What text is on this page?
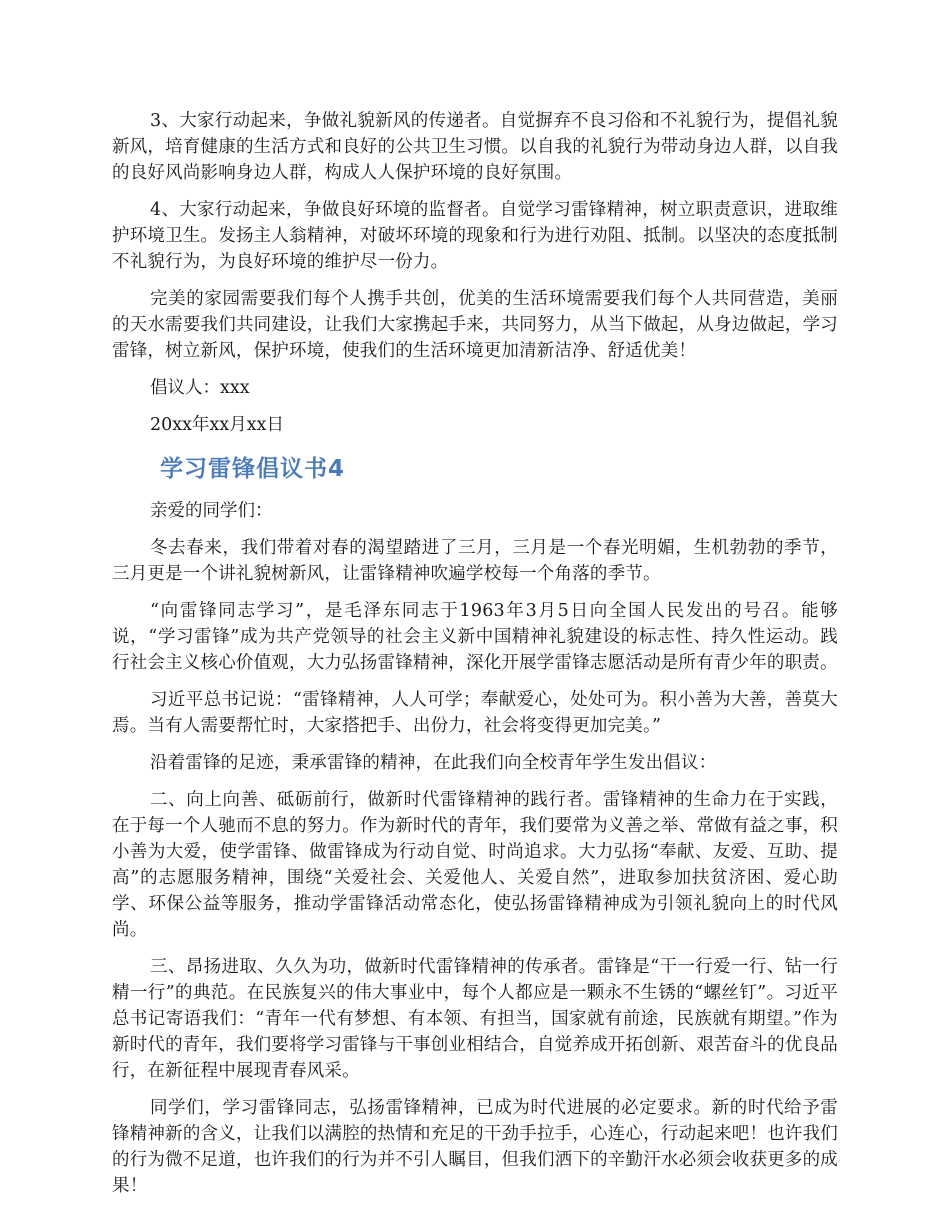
3、大家行动起来，争做礼貌新风的传递者。自觉摒弃不良习俗和不礼貌行为，提倡礼貌新风，培育健康的生活方式和良好的公共卫生习惯。以自我的礼貌行为带动身边人群，以自我的良好风尚影响身边人群，构成人人保护环境的良好氛围。

4、大家行动起来，争做良好环境的监督者。自觉学习雷锋精神，树立职责意识，进取维护环境卫生。发扬主人翁精神，对破坏环境的现象和行为进行劝阻、抵制。以坚决的态度抵制不礼貌行为，为良好环境的维护尽一份力。

完美的家园需要我们每个人携手共创，优美的生活环境需要我们每个人共同营造，美丽的天水需要我们共同建设，让我们大家携起手来，共同努力，从当下做起，从身边做起，学习雷锋，树立新风，保护环境，使我们的生活环境更加清新洁净、舒适优美！

倡议人：xxx

20xx年xx月xx日

学习雷锋倡议书4

亲爱的同学们：

冬去春来，我们带着对春的渴望踏进了三月，三月是一个春光明媚，生机勃勃的季节，三月更是一个讲礼貌树新风，让雷锋精神吹遍学校每一个角落的季节。

“向雷锋同志学习”，是毛泽东同志于1963年3月5日向全国人民发出的号召。能够说，“学习雷锋”成为共产党领导的社会主义新中国精神礼貌建设的标志性、持久性运动。践行社会主义核心价值观，大力弘扬雷锋精神，深化开展学雷锋志愿活动是所有青少年的职责。

习近平总书记说：“雷锋精神，人人可学；奉献爱心，处处可为。积小善为大善，善莫大焉。当有人需要帮忙时，大家搭把手、出份力，社会将变得更加完美。”

沿着雷锋的足迹，秉承雷锋的精神，在此我们向全校青年学生发出倡议：

二、向上向善、砥砺前行，做新时代雷锋精神的践行者。雷锋精神的生命力在于实践，在于每一个人驰而不息的努力。作为新时代的青年，我们要常为义善之举、常做有益之事，积小善为大爱，使学雷锋、做雷锋成为行动自觉、时尚追求。大力弘扬“奉献、友爱、互助、提高”的志愿服务精神，围绕“关爱社会、关爱他人、关爱自然”，进取参加扶贫济困、爱心助学、环保公益等服务，推动学雷锋活动常态化，使弘扬雷锋精神成为引领礼貌向上的时代风尚。

三、昂扬进取、久久为功，做新时代雷锋精神的传承者。雷锋是“干一行爱一行、钻一行精一行”的典范。在民族复兴的伟大事业中，每个人都应是一颗永不生锈的“螺丝钉”。习近平总书记寄语我们：“青年一代有梦想、有本领、有担当，国家就有前途，民族就有期望。”作为新时代的青年，我们要将学习雷锋与干事创业相结合，自觉养成开拓创新、艰苦奋斗的优良品行，在新征程中展现青春风采。

同学们，学习雷锋同志，弘扬雷锋精神，已成为时代进展的必定要求。新的时代给予雷锋精神新的含义，让我们以满腔的热情和充足的干劲手拉手，心连心，行动起来吧！也许我们的行为微不足道，也许我们的行为并不引人瞩目，但我们洒下的辛勤汗水必须会收获更多的成果！
